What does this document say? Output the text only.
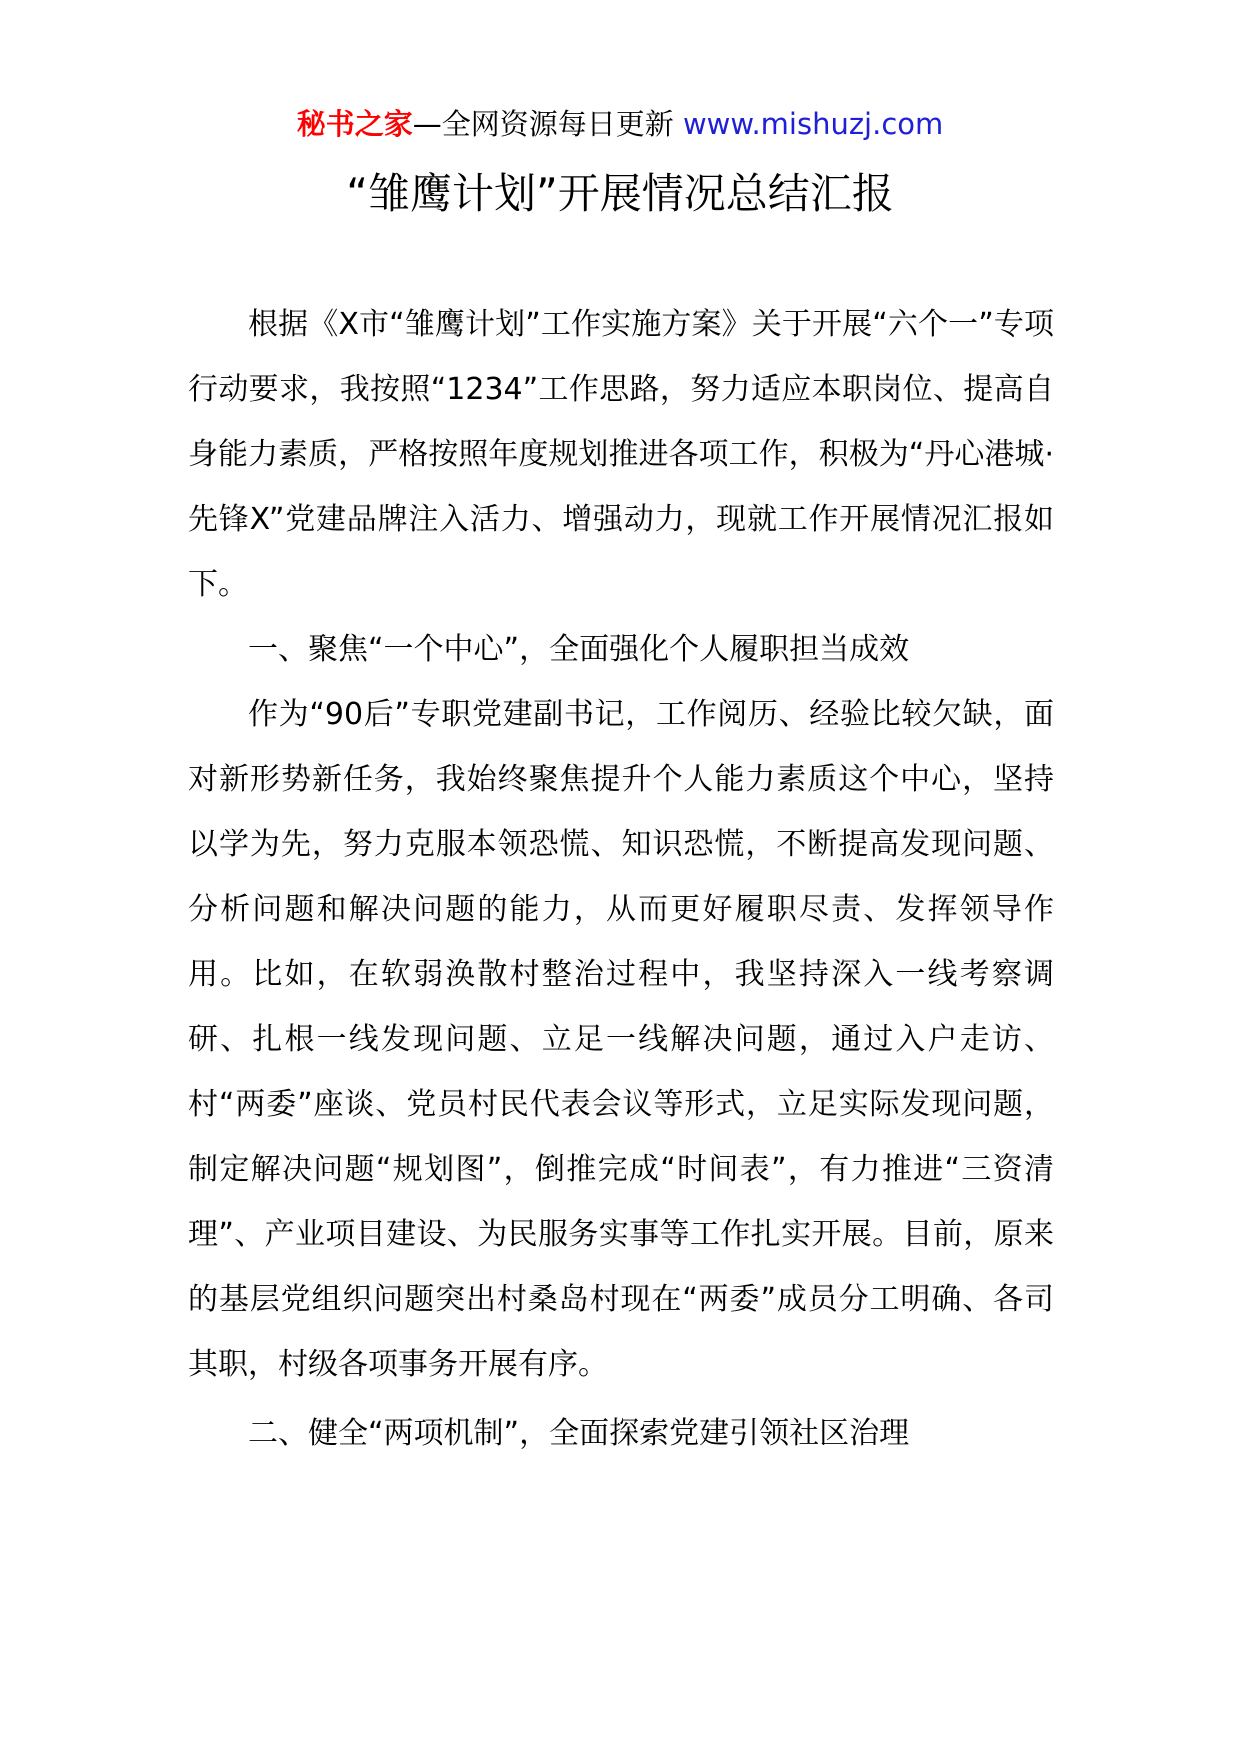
秘书之家—全网资源每日更新 www.mishuzj.com
“雏鹰计划”开展情况总结汇报

根据《X市“雏鹰计划”工作实施方案》关于开展“六个一”专项行动要求，我按照“1234”工作思路，努力适应本职岗位、提高自身能力素质，严格按照年度规划推进各项工作，积极为“丹心港城·先锋X”党建品牌注入活力、增强动力，现就工作开展情况汇报如下。

一、聚焦“一个中心”，全面强化个人履职担当成效

作为“90后”专职党建副书记，工作阅历、经验比较欠缺，面对新形势新任务，我始终聚焦提升个人能力素质这个中心，坚持以学为先，努力克服本领恐慌、知识恐慌，不断提高发现问题、分析问题和解决问题的能力，从而更好履职尽责、发挥领导作用。比如，在软弱涣散村整治过程中，我坚持深入一线考察调研、扎根一线发现问题、立足一线解决问题，通过入户走访、村“两委”座谈、党员村民代表会议等形式，立足实际发现问题，制定解决问题“规划图”，倒推完成“时间表”，有力推进“三资清理”、产业项目建设、为民服务实事等工作扎实开展。目前，原来的基层党组织问题突出村桑岛村现在“两委”成员分工明确、各司其职，村级各项事务开展有序。

二、健全“两项机制”，全面探索党建引领社区治理
